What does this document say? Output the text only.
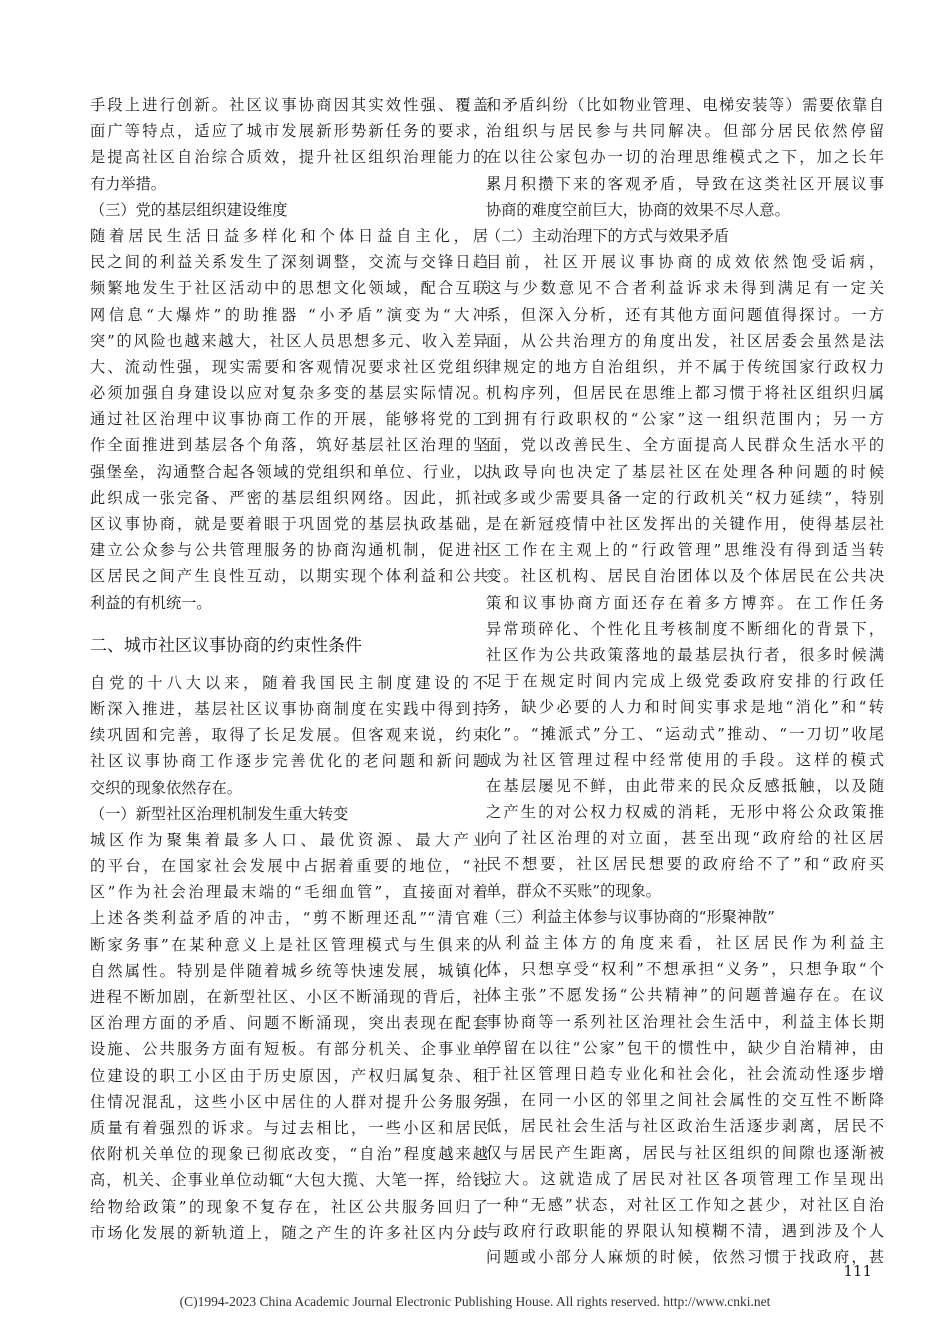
手段上进行创新。社区议事协商因其实效性强、覆盖
面广等特点，适应了城市发展新形势新任务的要求，
是提高社区自治综合质效，提升社区组织治理能力的
有力举措。
（三）党的基层组织建设维度
随着居民生活日益多样化和个体日益自主化，居
民之间的利益关系发生了深刻调整，交流与交锋日趋
频繁地发生于社区活动中的思想文化领域，配合互联
网信息“大爆炸”的助推器 “小矛盾”演变为“大冲
突”的风险也越来越大，社区人员思想多元、收入差异
大、流动性强，现实需要和客观情况要求社区党组织
必须加强自身建设以应对复杂多变的基层实际情况。
通过社区治理中议事协商工作的开展，能够将党的工
作全面推进到基层各个角落，筑好基层社区治理的坚
强堡垒，沟通整合起各领域的党组织和单位、行业，以
此织成一张完备、严密的基层组织网络。因此，抓社
区议事协商，就是要着眼于巩固党的基层执政基础，
建立公众参与公共管理服务的协商沟通机制，促进社
区居民之间产生良性互动，以期实现个体利益和公共
利益的有机统一。
二、城市社区议事协商的约束性条件
自党的十八大以来，随着我国民主制度建设的不
断深入推进，基层社区议事协商制度在实践中得到持
续巩固和完善，取得了长足发展。但客观来说，约束
社区议事协商工作逐步完善优化的老问题和新问题
交织的现象依然存在。
（一）新型社区治理机制发生重大转变
城区作为聚集着最多人口、最优资源、最大产业
的平台，在国家社会发展中占据着重要的地位，“社
区”作为社会治理最末端的“毛细血管”，直接面对着
上述各类利益矛盾的冲击，“剪不断理还乱”“清官难
断家务事”在某种意义上是社区管理模式与生俱来的
自然属性。特别是伴随着城乡统等快速发展，城镇化
进程不断加剧，在新型社区、小区不断涌现的背后，社
区治理方面的矛盾、问题不断涌现，突出表现在配套
设施、公共服务方面有短板。有部分机关、企事业单
位建设的职工小区由于历史原因，产权归属复杂、租
住情况混乱，这些小区中居住的人群对提升公务服务
质量有着强烈的诉求。与过去相比，一些小区和居民
依附机关单位的现象已彻底改变，“自治”程度越来越
高，机关、企事业单位动辄“大包大揽、大笔一挥，给钱
给物给政策”的现象不复存在，社区公共服务回归了
市场化发展的新轨道上，随之产生的许多社区内分歧
和矛盾纠纷（比如物业管理、电梯安装等）需要依靠自
治组织与居民参与共同解决。但部分居民依然停留
在以往公家包办一切的治理思维模式之下，加之长年
累月积攒下来的客观矛盾，导致在这类社区开展议事
协商的难度空前巨大，协商的效果不尽人意。
（二）主动治理下的方式与效果矛盾
目前，社区开展议事协商的成效依然饱受诟病，
这与少数意见不合者利益诉求未得到满足有一定关
系，但深入分析，还有其他方面问题值得探讨。一方
面，从公共治理方的角度出发，社区居委会虽然是法
律规定的地方自治组织，并不属于传统国家行政权力
机构序列，但居民在思维上都习惯于将社区组织归属
到拥有行政职权的“公家”这一组织范围内；另一方
面，党以改善民生、全方面提高人民群众生活水平的
执政导向也决定了基层社区在处理各种问题的时候
或多或少需要具备一定的行政机关“权力延续”，特别
是在新冠疫情中社区发挥出的关键作用，使得基层社
区工作在主观上的“行政管理”思维没有得到适当转
变。社区机构、居民自治团体以及个体居民在公共决
策和议事协商方面还存在着多方博弈。在工作任务
异常琐碎化、个性化且考核制度不断细化的背景下，
社区作为公共政策落地的最基层执行者，很多时候满
足于在规定时间内完成上级党委政府安排的行政任
务，缺少必要的人力和时间实事求是地“消化”和“转
化”。“摊派式”分工、“运动式”推动、“一刀切”收尾
成为社区管理过程中经常使用的手段。这样的模式
在基层屡见不鲜，由此带来的民众反感抵触，以及随
之产生的对公权力权威的消耗，无形中将公众政策推
向了社区治理的对立面，甚至出现“政府给的社区居
民不想要，社区居民想要的政府给不了”和“政府买
单，群众不买账”的现象。
（三）利益主体参与议事协商的“形聚神散”
从利益主体方的角度来看，社区居民作为利益主
体，只想享受“权利”不想承担“义务”，只想争取“个
体主张”不愿发扬“公共精神”的问题普遍存在。在议
事协商等一系列社区治理社会生活中，利益主体长期
停留在以往“公家”包干的惯性中，缺少自治精神，由
于社区管理日趋专业化和社会化，社会流动性逐步增
强，在同一小区的邻里之间社会属性的交互性不断降
低，居民社会生活与社区政治生活逐步剥离，居民不
仅与居民产生距离，居民与社区组织的间隙也逐渐被
拉大。这就造成了居民对社区各项管理工作呈现出
一种“无感”状态，对社区工作知之甚少，对社区自治
与政府行政职能的界限认知模糊不清，遇到涉及个人
问题或小部分人麻烦的时候，依然习惯于找政府，甚
111
(C)1994-2023 China Academic Journal Electronic Publishing House. All rights reserved. http://www.cnki.net
